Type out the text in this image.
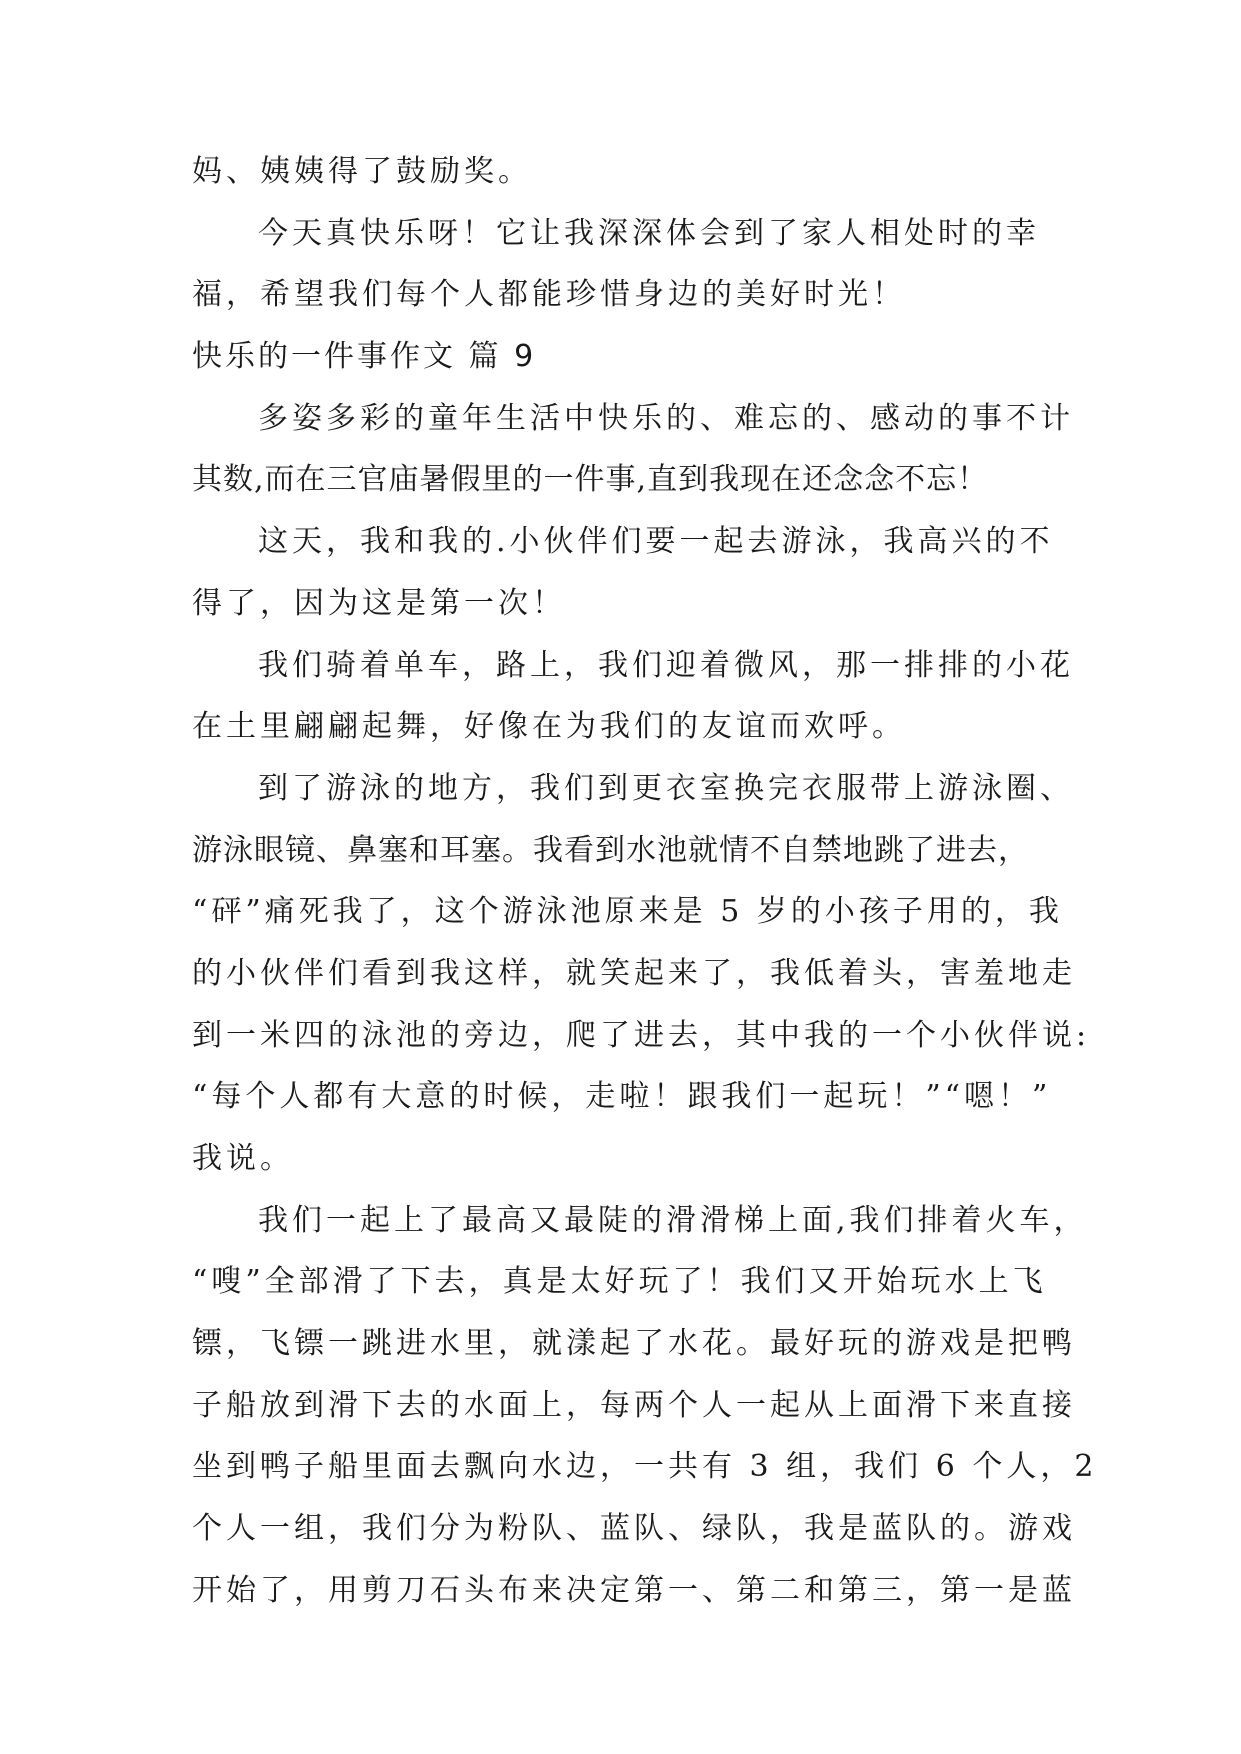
妈、姨姨得了鼓励奖。
今天真快乐呀！它让我深深体会到了家人相处时的幸
福，希望我们每个人都能珍惜身边的美好时光！
快乐的一件事作文 篇 9
多姿多彩的童年生活中快乐的、难忘的、感动的事不计
其数,而在三官庙暑假里的一件事,直到我现在还念念不忘！
这天，我和我的.小伙伴们要一起去游泳，我高兴的不
得了，因为这是第一次！
我们骑着单车，路上，我们迎着微风，那一排排的小花
在土里翩翩起舞，好像在为我们的友谊而欢呼。
到了游泳的地方，我们到更衣室换完衣服带上游泳圈、
游泳眼镜、鼻塞和耳塞。我看到水池就情不自禁地跳了进去，
“砰”痛死我了，这个游泳池原来是 5 岁的小孩子用的，我
的小伙伴们看到我这样，就笑起来了，我低着头，害羞地走
到一米四的泳池的旁边，爬了进去，其中我的一个小伙伴说:
“每个人都有大意的时候，走啦！跟我们一起玩！”“嗯！”
我说。
我们一起上了最高又最陡的滑滑梯上面,我们排着火车，
“嗖”全部滑了下去，真是太好玩了！我们又开始玩水上飞
镖，飞镖一跳进水里，就漾起了水花。最好玩的游戏是把鸭
子船放到滑下去的水面上，每两个人一起从上面滑下来直接
坐到鸭子船里面去飘向水边，一共有 3 组，我们 6 个人，2
个人一组，我们分为粉队、蓝队、绿队，我是蓝队的。游戏
开始了，用剪刀石头布来决定第一、第二和第三，第一是蓝
